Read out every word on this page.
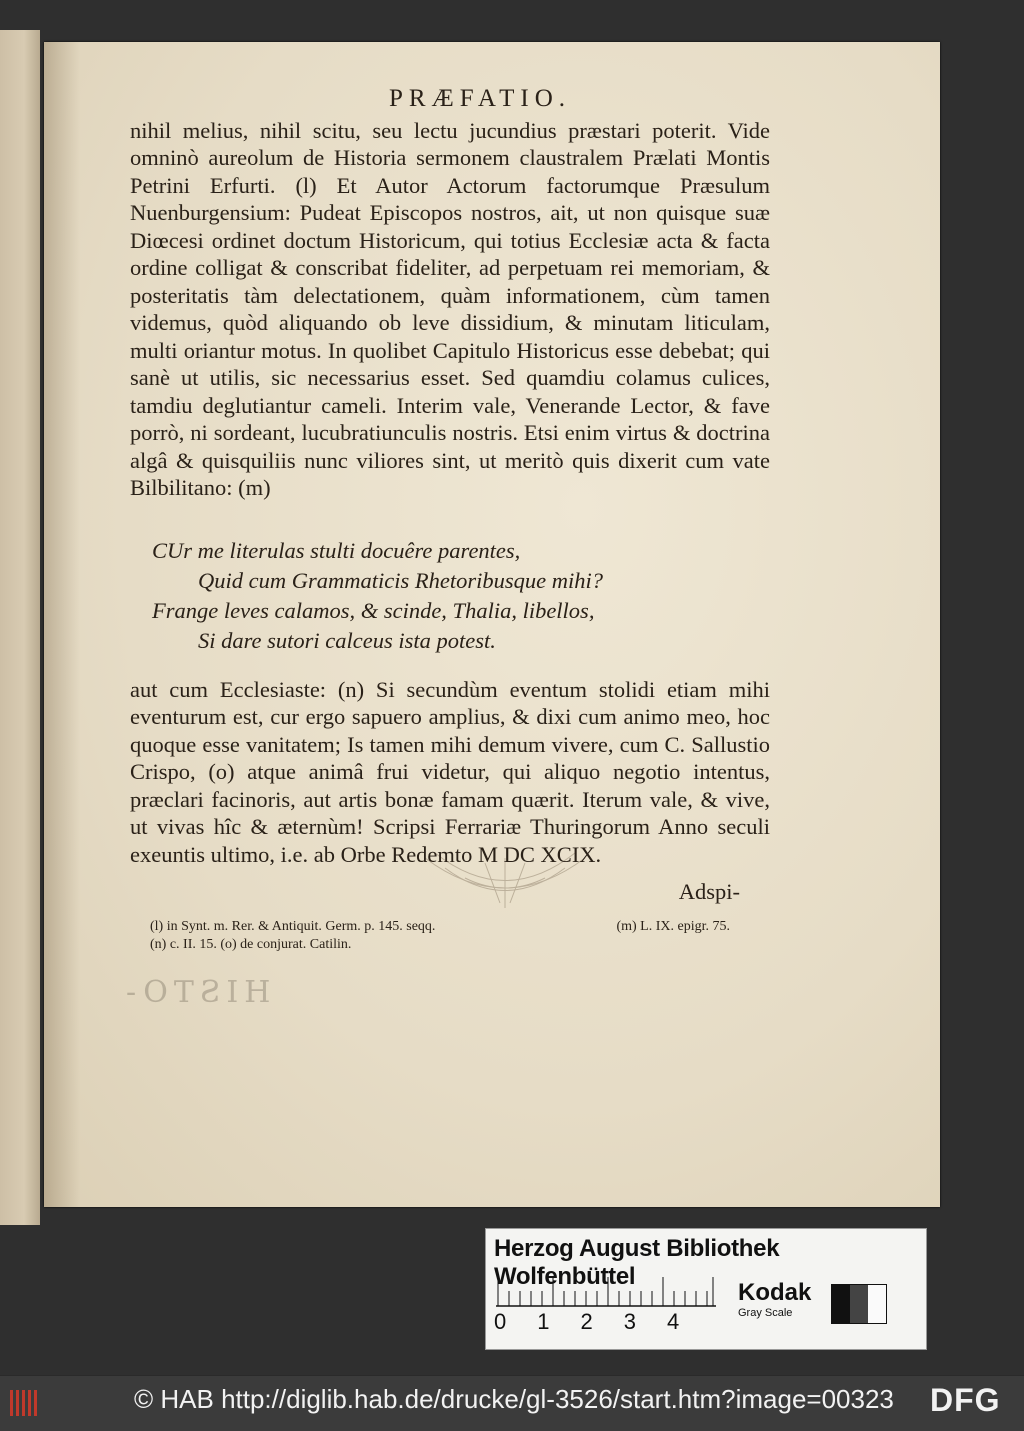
HISTO-
PRÆFATIO.

nihil melius, nihil scitu, seu lectu jucundius præstari poterit. Vide omninò aureolum de Historia sermonem claustralem Prælati Montis Petrini Erfurti. (l) Et Autor Actorum factorumque Præsulum Nuenburgensium: Pudeat Episcopos nostros, ait, ut non quisque suæ Diœcesi ordinet doctum Historicum, qui totius Ecclesiæ acta & facta ordine colligat & conscribat fideliter, ad perpetuam rei memoriam, & posteritatis tàm delectationem, quàm informationem, cùm tamen videmus, quòd aliquando ob leve dissidium, & minutam liticulam, multi oriantur motus. In quolibet Capitulo Historicus esse debebat; qui sanè ut utilis, sic necessarius esset. Sed quamdiu colamus culices, tamdiu deglutiantur cameli. Interim vale, Venerande Lector, & fave porrò, ni sordeant, lucubratiunculis nostris. Etsi enim virtus & doctrina algâ & quisquiliis nunc viliores sint, ut meritò quis dixerit cum vate Bilbilitano: (m)

CUr me literulas stulti docuêre parentes,
Quid cum Grammaticis Rhetoribusque mihi?
Frange leves calamos, & scinde, Thalia, libellos,
Si dare sutori calceus ista potest.

aut cum Ecclesiaste: (n) Si secundùm eventum stolidi etiam mihi eventurum est, cur ergo sapuero amplius, & dixi cum animo meo, hoc quoque esse vanitatem; Is tamen mihi demum vivere, cum C. Sallustio Crispo, (o) atque animâ frui videtur, qui aliquo negotio intentus, præclari facinoris, aut artis bonæ famam quærit. Iterum vale, & vive, ut vivas hîc & æternùm! Scripsi Ferrariæ Thuringorum Anno seculi exeuntis ultimo, i.e. ab Orbe Redemto M DC XCIX.

Adspi-
(l) in Synt. m. Rer. & Antiquit. Germ. p. 145. seqq.	(m) L. IX. epigr. 75.
(n) c. II. 15. (o) de conjurat. Catilin.
Herzog August Bibliothek Wolfenbüttel
0 1 2 3 4
Kodak
Gray Scale
© HAB http://diglib.hab.de/drucke/gl-3526/start.htm?image=00323 DFG
